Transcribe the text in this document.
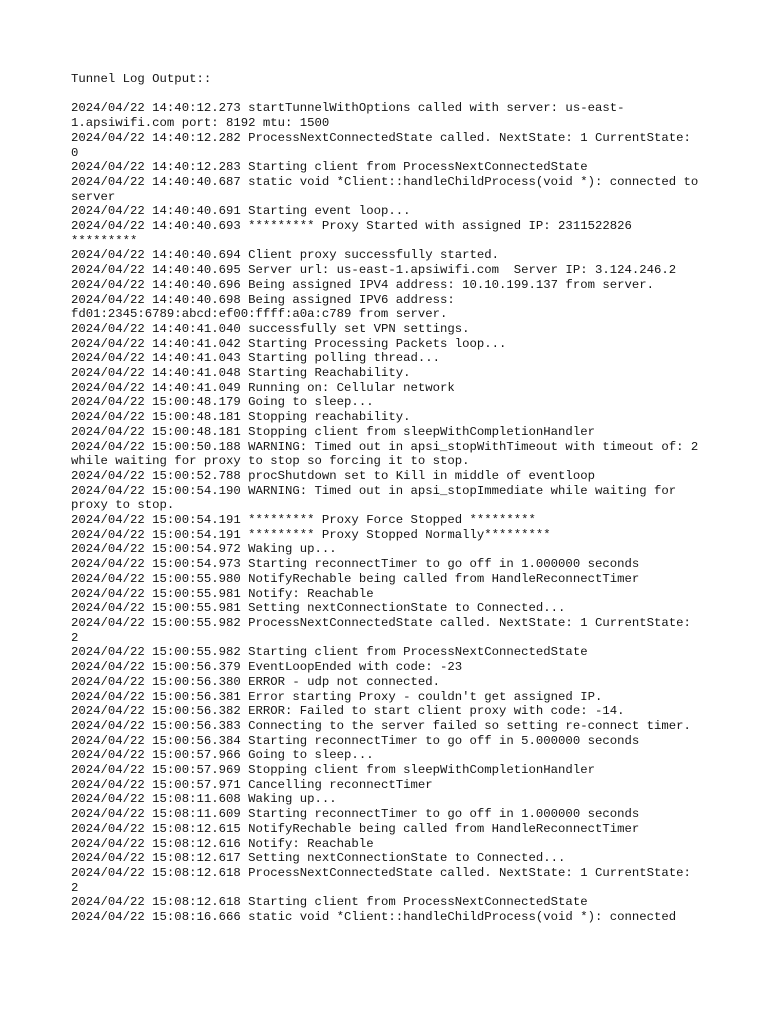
Tunnel Log Output::
2024/04/22 14:40:12.273 startTunnelWithOptions called with server: us-east-1.apsiwifi.com port: 8192 mtu: 1500
2024/04/22 14:40:12.282 ProcessNextConnectedState called. NextState: 1 CurrentState: 0
2024/04/22 14:40:12.283 Starting client from ProcessNextConnectedState
2024/04/22 14:40:40.687 static void *Client::handleChildProcess(void *): connected to server
2024/04/22 14:40:40.691 Starting event loop...
2024/04/22 14:40:40.693 ********* Proxy Started with assigned IP: 2311522826 *********
2024/04/22 14:40:40.694 Client proxy successfully started.
2024/04/22 14:40:40.695 Server url: us-east-1.apsiwifi.com  Server IP: 3.124.246.2
2024/04/22 14:40:40.696 Being assigned IPV4 address: 10.10.199.137 from server.
2024/04/22 14:40:40.698 Being assigned IPV6 address: fd01:2345:6789:abcd:ef00:ffff:a0a:c789 from server.
2024/04/22 14:40:41.040 successfully set VPN settings.
2024/04/22 14:40:41.042 Starting Processing Packets loop...
2024/04/22 14:40:41.043 Starting polling thread...
2024/04/22 14:40:41.048 Starting Reachability.
2024/04/22 14:40:41.049 Running on: Cellular network
2024/04/22 15:00:48.179 Going to sleep...
2024/04/22 15:00:48.181 Stopping reachability.
2024/04/22 15:00:48.181 Stopping client from sleepWithCompletionHandler
2024/04/22 15:00:50.188 WARNING: Timed out in apsi_stopWithTimeout with timeout of: 2 while waiting for proxy to stop so forcing it to stop.
2024/04/22 15:00:52.788 procShutdown set to Kill in middle of eventloop
2024/04/22 15:00:54.190 WARNING: Timed out in apsi_stopImmediate while waiting for proxy to stop.
2024/04/22 15:00:54.191 ********* Proxy Force Stopped *********
2024/04/22 15:00:54.191 ********* Proxy Stopped Normally*********
2024/04/22 15:00:54.972 Waking up...
2024/04/22 15:00:54.973 Starting reconnectTimer to go off in 1.000000 seconds
2024/04/22 15:00:55.980 NotifyRechable being called from HandleReconnectTimer
2024/04/22 15:00:55.981 Notify: Reachable
2024/04/22 15:00:55.981 Setting nextConnectionState to Connected...
2024/04/22 15:00:55.982 ProcessNextConnectedState called. NextState: 1 CurrentState: 2
2024/04/22 15:00:55.982 Starting client from ProcessNextConnectedState
2024/04/22 15:00:56.379 EventLoopEnded with code: -23
2024/04/22 15:00:56.380 ERROR - udp not connected.
2024/04/22 15:00:56.381 Error starting Proxy - couldn't get assigned IP.
2024/04/22 15:00:56.382 ERROR: Failed to start client proxy with code: -14.
2024/04/22 15:00:56.383 Connecting to the server failed so setting re-connect timer.
2024/04/22 15:00:56.384 Starting reconnectTimer to go off in 5.000000 seconds
2024/04/22 15:00:57.966 Going to sleep...
2024/04/22 15:00:57.969 Stopping client from sleepWithCompletionHandler
2024/04/22 15:00:57.971 Cancelling reconnectTimer
2024/04/22 15:08:11.608 Waking up...
2024/04/22 15:08:11.609 Starting reconnectTimer to go off in 1.000000 seconds
2024/04/22 15:08:12.615 NotifyRechable being called from HandleReconnectTimer
2024/04/22 15:08:12.616 Notify: Reachable
2024/04/22 15:08:12.617 Setting nextConnectionState to Connected...
2024/04/22 15:08:12.618 ProcessNextConnectedState called. NextState: 1 CurrentState: 2
2024/04/22 15:08:12.618 Starting client from ProcessNextConnectedState
2024/04/22 15:08:16.666 static void *Client::handleChildProcess(void *): connected
